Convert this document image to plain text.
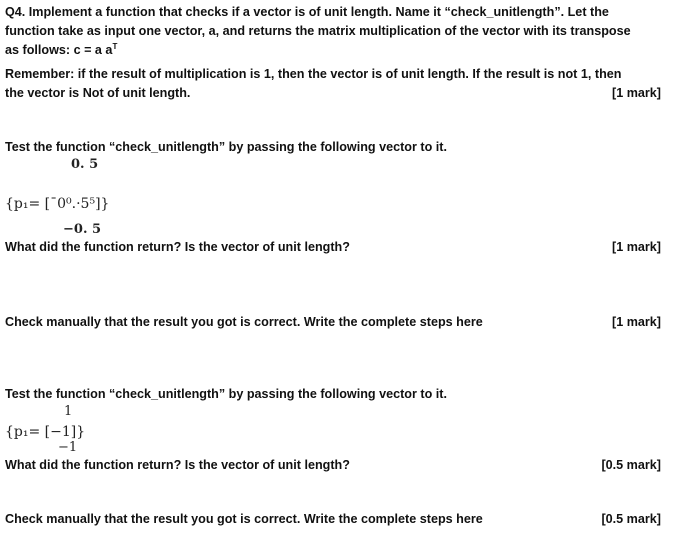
Q4. Implement a function that checks if a vector is of unit length. Name it “check_unitlength”. Let the
function take as input one vector, a, and returns the matrix multiplication of the vector with its transpose
as follows: c = a $a^T$
Remember: if the result of multiplication is 1, then the vector is of unit length. If the result is not 1, then
the vector is Not of unit length.	[1 mark]
Test the function “check_unitlength” by passing the following vector to it.
0. 5
{p₁= [¯0⁰.·5⁵]}
−0. 5
What did the function return? Is the vector of unit length?	[1 mark]
Check manually that the result you got is correct. Write the complete steps here	[1 mark]
Test the function “check_unitlength” by passing the following vector to it.
1
{p₁= [−1]}
−1
What did the function return? Is the vector of unit length?	[0.5 mark]
Check manually that the result you got is correct. Write the complete steps here	[0.5 mark]
